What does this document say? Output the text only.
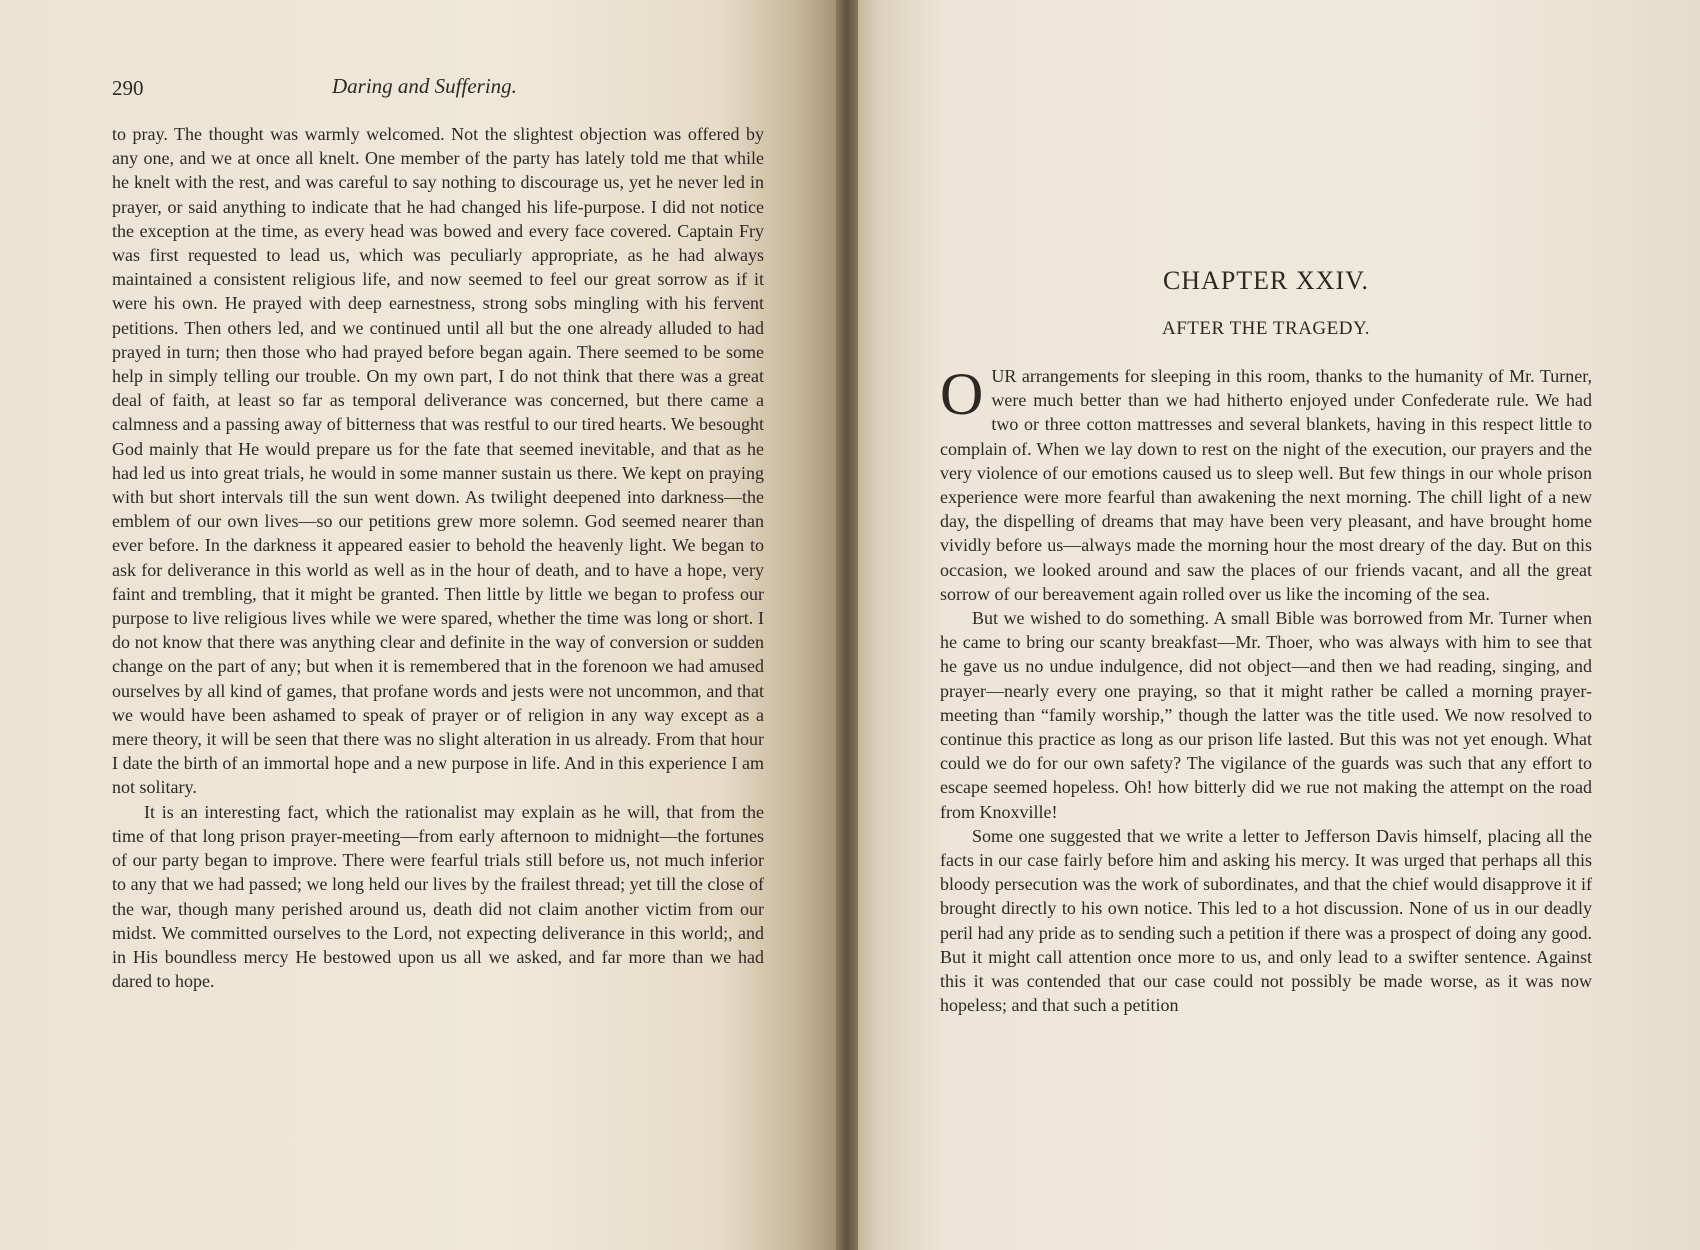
290	Daring and Suffering.

to pray. The thought was warmly welcomed. Not the slightest objection was offered by any one, and we at once all knelt. One member of the party has lately told me that while he knelt with the rest, and was careful to say nothing to discourage us, yet he never led in prayer, or said anything to indicate that he had changed his life-purpose. I did not notice the exception at the time, as every head was bowed and every face covered. Captain Fry was first requested to lead us, which was peculiarly appropriate, as he had always maintained a consistent religious life, and now seemed to feel our great sorrow as if it were his own. He prayed with deep earnestness, strong sobs mingling with his fervent petitions. Then others led, and we continued until all but the one already alluded to had prayed in turn; then those who had prayed before began again. There seemed to be some help in simply telling our trouble. On my own part, I do not think that there was a great deal of faith, at least so far as temporal deliverance was concerned, but there came a calmness and a passing away of bitterness that was restful to our tired hearts. We besought God mainly that He would prepare us for the fate that seemed inevitable, and that as he had led us into great trials, he would in some manner sustain us there. We kept on praying with but short intervals till the sun went down. As twilight deepened into darkness—the emblem of our own lives—so our petitions grew more solemn. God seemed nearer than ever before. In the darkness it appeared easier to behold the heavenly light. We began to ask for deliverance in this world as well as in the hour of death, and to have a hope, very faint and trembling, that it might be granted. Then little by little we began to profess our purpose to live religious lives while we were spared, whether the time was long or short. I do not know that there was anything clear and definite in the way of conversion or sudden change on the part of any; but when it is remembered that in the forenoon we had amused ourselves by all kind of games, that profane words and jests were not uncommon, and that we would have been ashamed to speak of prayer or of religion in any way except as a mere theory, it will be seen that there was no slight alteration in us already. From that hour I date the birth of an immortal hope and a new purpose in life. And in this experience I am not solitary.

It is an interesting fact, which the rationalist may explain as he will, that from the time of that long prison prayer-meeting—from early afternoon to midnight—the fortunes of our party began to improve. There were fearful trials still before us, not much inferior to any that we had passed; we long held our lives by the frailest thread; yet till the close of the war, though many perished around us, death did not claim another victim from our midst. We committed ourselves to the Lord, not expecting deliverance in this world;, and in His boundless mercy He bestowed upon us all we asked, and far more than we had dared to hope.

CHAPTER XXIV.
AFTER THE TRAGEDY.

OUR arrangements for sleeping in this room, thanks to the humanity of Mr. Turner, were much better than we had hitherto enjoyed under Confederate rule. We had two or three cotton mattresses and several blankets, having in this respect little to complain of. When we lay down to rest on the night of the execution, our prayers and the very violence of our emotions caused us to sleep well. But few things in our whole prison experience were more fearful than awakening the next morning. The chill light of a new day, the dispelling of dreams that may have been very pleasant, and have brought home vividly before us—always made the morning hour the most dreary of the day. But on this occasion, we looked around and saw the places of our friends vacant, and all the great sorrow of our bereavement again rolled over us like the incoming of the sea.

But we wished to do something. A small Bible was borrowed from Mr. Turner when he came to bring our scanty breakfast—Mr. Thoer, who was always with him to see that he gave us no undue indulgence, did not object—and then we had reading, singing, and prayer—nearly every one praying, so that it might rather be called a morning prayer-meeting than “family worship,” though the latter was the title used. We now resolved to continue this practice as long as our prison life lasted. But this was not yet enough. What could we do for our own safety? The vigilance of the guards was such that any effort to escape seemed hopeless. Oh! how bitterly did we rue not making the attempt on the road from Knoxville!

Some one suggested that we write a letter to Jefferson Davis himself, placing all the facts in our case fairly before him and asking his mercy. It was urged that perhaps all this bloody persecution was the work of subordinates, and that the chief would disapprove it if brought directly to his own notice. This led to a hot discussion. None of us in our deadly peril had any pride as to sending such a petition if there was a prospect of doing any good. But it might call attention once more to us, and only lead to a swifter sentence. Against this it was contended that our case could not possibly be made worse, as it was now hopeless; and that such a petition
